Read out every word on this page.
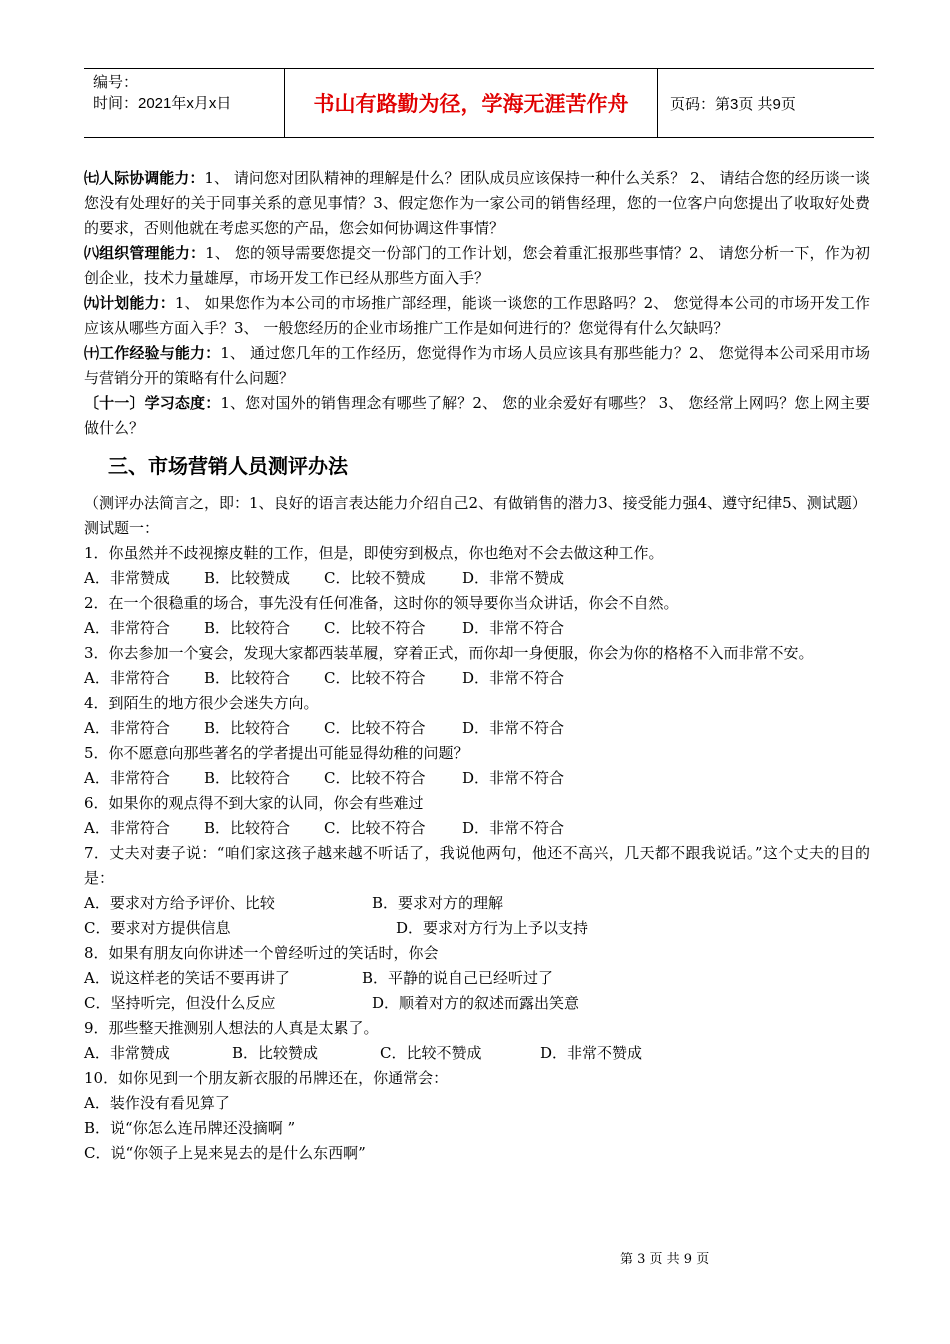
编号：
时间：2021年x月x日	书山有路勤为径，学海无涯苦作舟	页码：第3页 共9页
㈦人际协调能力：1、 请问您对团队精神的理解是什么？团队成员应该保持一种什么关系？ 2、 请结合您的经历谈一谈您没有处理好的关于同事关系的意见事情？3、假定您作为一家公司的销售经理，您的一位客户向您提出了收取好处费的要求，否则他就在考虑买您的产品，您会如何协调这件事情？
㈧组织管理能力：1、 您的领导需要您提交一份部门的工作计划，您会着重汇报那些事情？2、 请您分析一下，作为初创企业，技术力量雄厚，市场开发工作已经从那些方面入手？
㈨计划能力：1、 如果您作为本公司的市场推广部经理，能谈一谈您的工作思路吗？2、 您觉得本公司的市场开发工作应该从哪些方面入手？3、 一般您经历的企业市场推广工作是如何进行的？您觉得有什么欠缺吗？
㈩工作经验与能力：1、 通过您几年的工作经历，您觉得作为市场人员应该具有那些能力？2、 您觉得本公司采用市场与营销分开的策略有什么问题？
〔十一〕学习态度：1、您对国外的销售理念有哪些了解？2、 您的业余爱好有哪些？ 3、 您经常上网吗？您上网主要做什么？
三、市场营销人员测评办法
（测评办法简言之，即：1、良好的语言表达能力介绍自己2、有做销售的潜力3、接受能力强4、遵守纪律5、测试题）
测试题一：
1．你虽然并不歧视擦皮鞋的工作，但是，即使穷到极点，你也绝对不会去做这种工作。
A．非常赞成 B．比较赞成 C．比较不赞成 D．非常不赞成
2．在一个很稳重的场合，事先没有任何准备，这时你的领导要你当众讲话，你会不自然。
A．非常符合 B．比较符合 C．比较不符合 D．非常不符合
3．你去参加一个宴会，发现大家都西装革履，穿着正式，而你却一身便服，你会为你的格格不入而非常不安。
A．非常符合 B．比较符合 C．比较不符合 D．非常不符合
4．到陌生的地方很少会迷失方向。
A．非常符合 B．比较符合 C．比较不符合 D．非常不符合
5．你不愿意向那些著名的学者提出可能显得幼稚的问题？
A．非常符合 B．比较符合 C．比较不符合 D．非常不符合
6．如果你的观点得不到大家的认同，你会有些难过
A．非常符合 B．比较符合 C．比较不符合 D．非常不符合
7．丈夫对妻子说：“咱们家这孩子越来越不听话了，我说他两句，他还不高兴，几天都不跟我说话。”这个丈夫的目的是：
A．要求对方给予评价、比较	B．要求对方的理解
C．要求对方提供信息	D．要求对方行为上予以支持
8．如果有朋友向你讲述一个曾经听过的笑话时，你会
A．说这样老的笑话不要再讲了	B．平静的说自己已经听过了
C．坚持听完，但没什么反应	D．顺着对方的叙述而露出笑意
9．那些整天推测别人想法的人真是太累了。
A．非常赞成	B．比较赞成	C．比较不赞成	D．非常不赞成
10．如你见到一个朋友新衣服的吊牌还在，你通常会：
A．装作没有看见算了
B．说“你怎么连吊牌还没摘啊 ”
C．说“你领子上晃来晃去的是什么东西啊”
第 3 页 共 9 页
